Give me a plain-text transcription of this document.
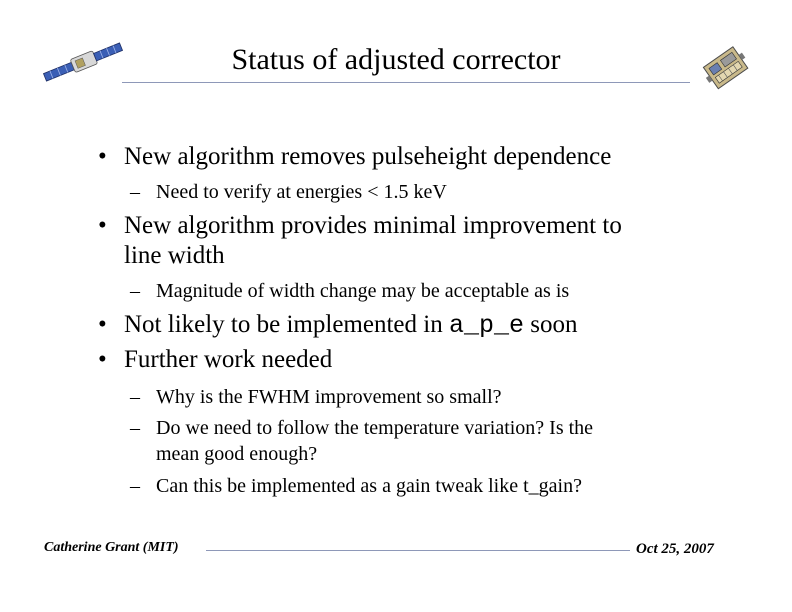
Status of adjusted corrector
• New algorithm removes pulseheight dependence
– Need to verify at energies < 1.5 keV
• New algorithm provides minimal improvement to
line width
– Magnitude of width change may be acceptable as is
• Not likely to be implemented in a_p_e soon
• Further work needed
– Why is the FWHM improvement so small?
– Do we need to follow the temperature variation? Is the
mean good enough?
– Can this be implemented as a gain tweak like t_gain?
Catherine Grant (MIT)	Oct 25, 2007
